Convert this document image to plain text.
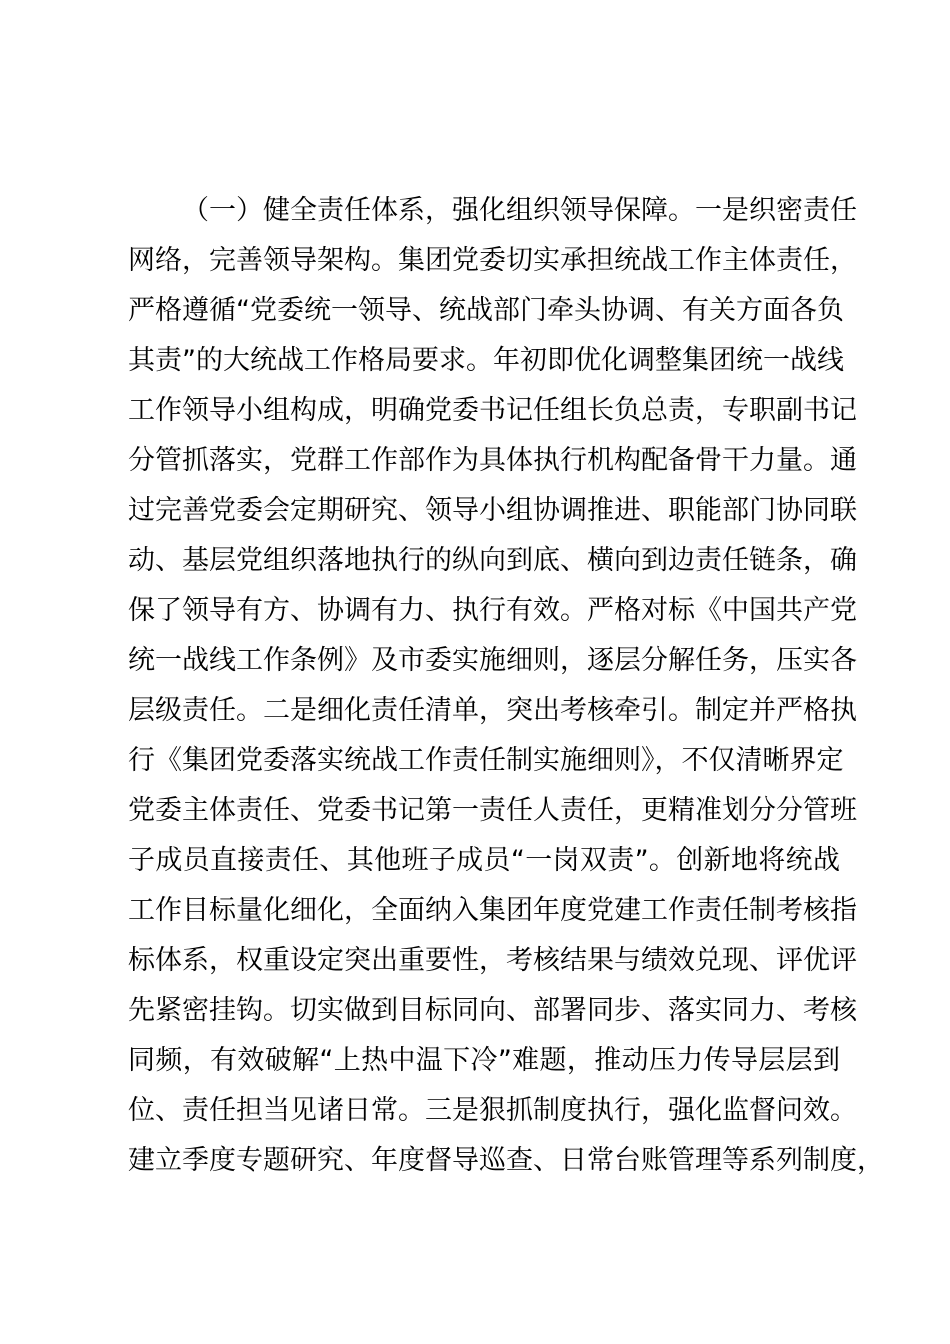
（一）健全责任体系，强化组织领导保障。一是织密责任
网络，完善领导架构。集团党委切实承担统战工作主体责任，
严格遵循“党委统一领导、统战部门牵头协调、有关方面各负
其责”的大统战工作格局要求。年初即优化调整集团统一战线
工作领导小组构成，明确党委书记任组长负总责，专职副书记
分管抓落实，党群工作部作为具体执行机构配备骨干力量。通
过完善党委会定期研究、领导小组协调推进、职能部门协同联
动、基层党组织落地执行的纵向到底、横向到边责任链条，确
保了领导有方、协调有力、执行有效。严格对标《中国共产党
统一战线工作条例》及市委实施细则，逐层分解任务，压实各
层级责任。二是细化责任清单，突出考核牵引。制定并严格执
行《集团党委落实统战工作责任制实施细则》，不仅清晰界定
党委主体责任、党委书记第一责任人责任，更精准划分分管班
子成员直接责任、其他班子成员“一岗双责”。创新地将统战
工作目标量化细化，全面纳入集团年度党建工作责任制考核指
标体系，权重设定突出重要性，考核结果与绩效兑现、评优评
先紧密挂钩。切实做到目标同向、部署同步、落实同力、考核
同频，有效破解“上热中温下冷”难题，推动压力传导层层到
位、责任担当见诸日常。三是狠抓制度执行，强化监督问效。
建立季度专题研究、年度督导巡查、日常台账管理等系列制度，
